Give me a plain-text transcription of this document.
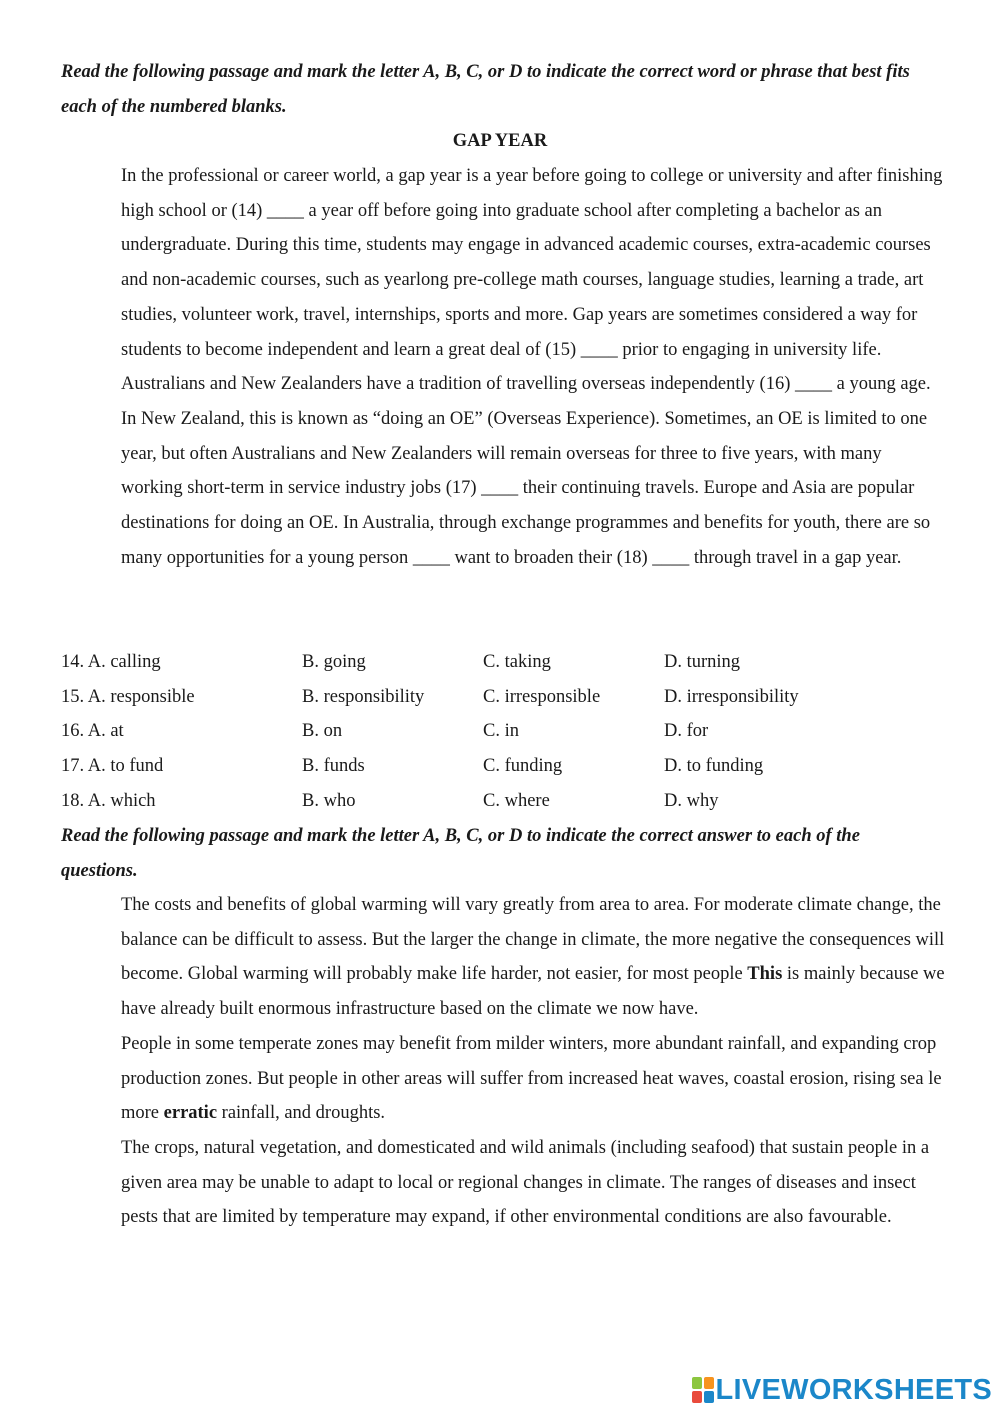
Read the following passage and mark the letter A, B, C, or D to indicate the correct word or phrase that best fits each of the numbered blanks.
GAP YEAR

In the professional or career world, a gap year is a year before going to college or university and after finishing high school or (14) ____ a year off before going into graduate school after completing a bachelor as an undergraduate. During this time, students may engage in advanced academic courses, extra-academic courses and non-academic courses, such as yearlong pre-college math courses, language studies, learning a trade, art studies, volunteer work, travel, internships, sports and more. Gap years are sometimes considered a way for students to become independent and learn a great deal of (15) ____ prior to engaging in university life.

Australians and New Zealanders have a tradition of travelling overseas independently (16) ____ a young age. In New Zealand, this is known as “doing an OE” (Overseas Experience). Sometimes, an OE is limited to one year, but often Australians and New Zealanders will remain overseas for three to five years, with many working short-term in service industry jobs (17) ____ their continuing travels. Europe and Asia are popular destinations for doing an OE. In Australia, through exchange programmes and benefits for youth, there are so many opportunities for a young person ____ want to broaden their (18) ____ through travel in a gap year.

14. A. calling	B. going	C. taking	D. turning
15. A. responsible	B. responsibility	C. irresponsible	D. irresponsibility
16. A. at	B. on	C. in	D. for
17. A. to fund	B. funds	C. funding	D. to funding
18. A. which	B. who	C. where	D. why
Read the following passage and mark the letter A, B, C, or D to indicate the correct answer to each of the questions.

The costs and benefits of global warming will vary greatly from area to area. For moderate climate change, the balance can be difficult to assess. But the larger the change in climate, the more negative the consequences will become. Global warming will probably make life harder, not easier, for most people This is mainly because we have already built enormous infrastructure based on the climate we now have.

People in some temperate zones may benefit from milder winters, more abundant rainfall, and expanding crop production zones. But people in other areas will suffer from increased heat waves, coastal erosion, rising sea le more erratic rainfall, and droughts.

The crops, natural vegetation, and domesticated and wild animals (including seafood) that sustain people in a given area may be unable to adapt to local or regional changes in climate. The ranges of diseases and insect pests that are limited by temperature may expand, if other environmental conditions are also favourable.

LIVEWORKSHEETS
